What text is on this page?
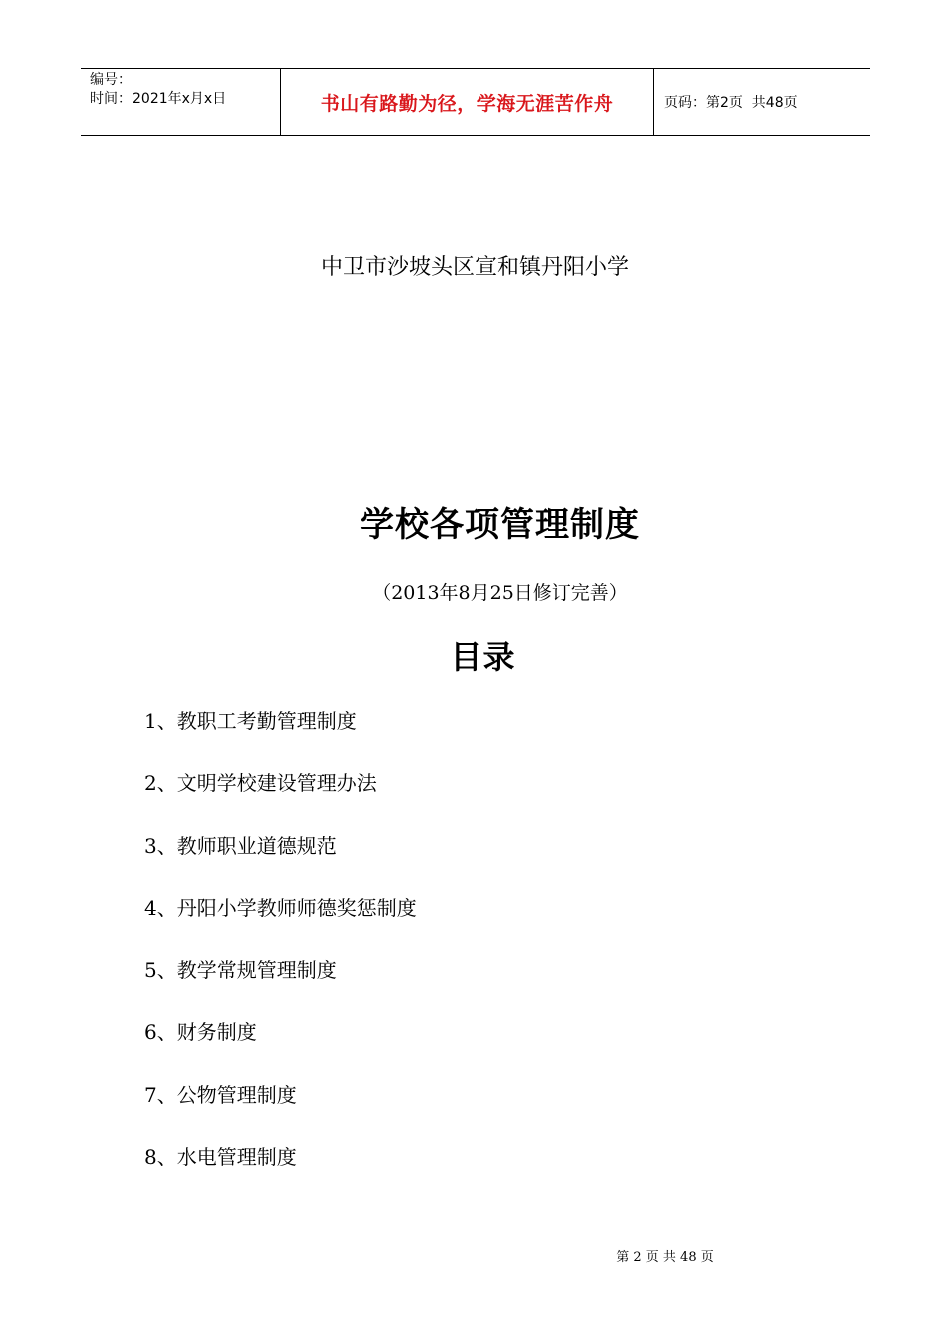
编号：
时间：2021年x月x日	书山有路勤为径，学海无涯苦作舟	页码：第2页  共48页
中卫市沙坡头区宣和镇丹阳小学
学校各项管理制度
（2013年8月25日修订完善）
目录
1、教职工考勤管理制度
2、文明学校建设管理办法
3、教师职业道德规范
4、丹阳小学教师师德奖惩制度
5、教学常规管理制度
6、财务制度
7、公物管理制度
8、水电管理制度
第 2 页 共 48 页
